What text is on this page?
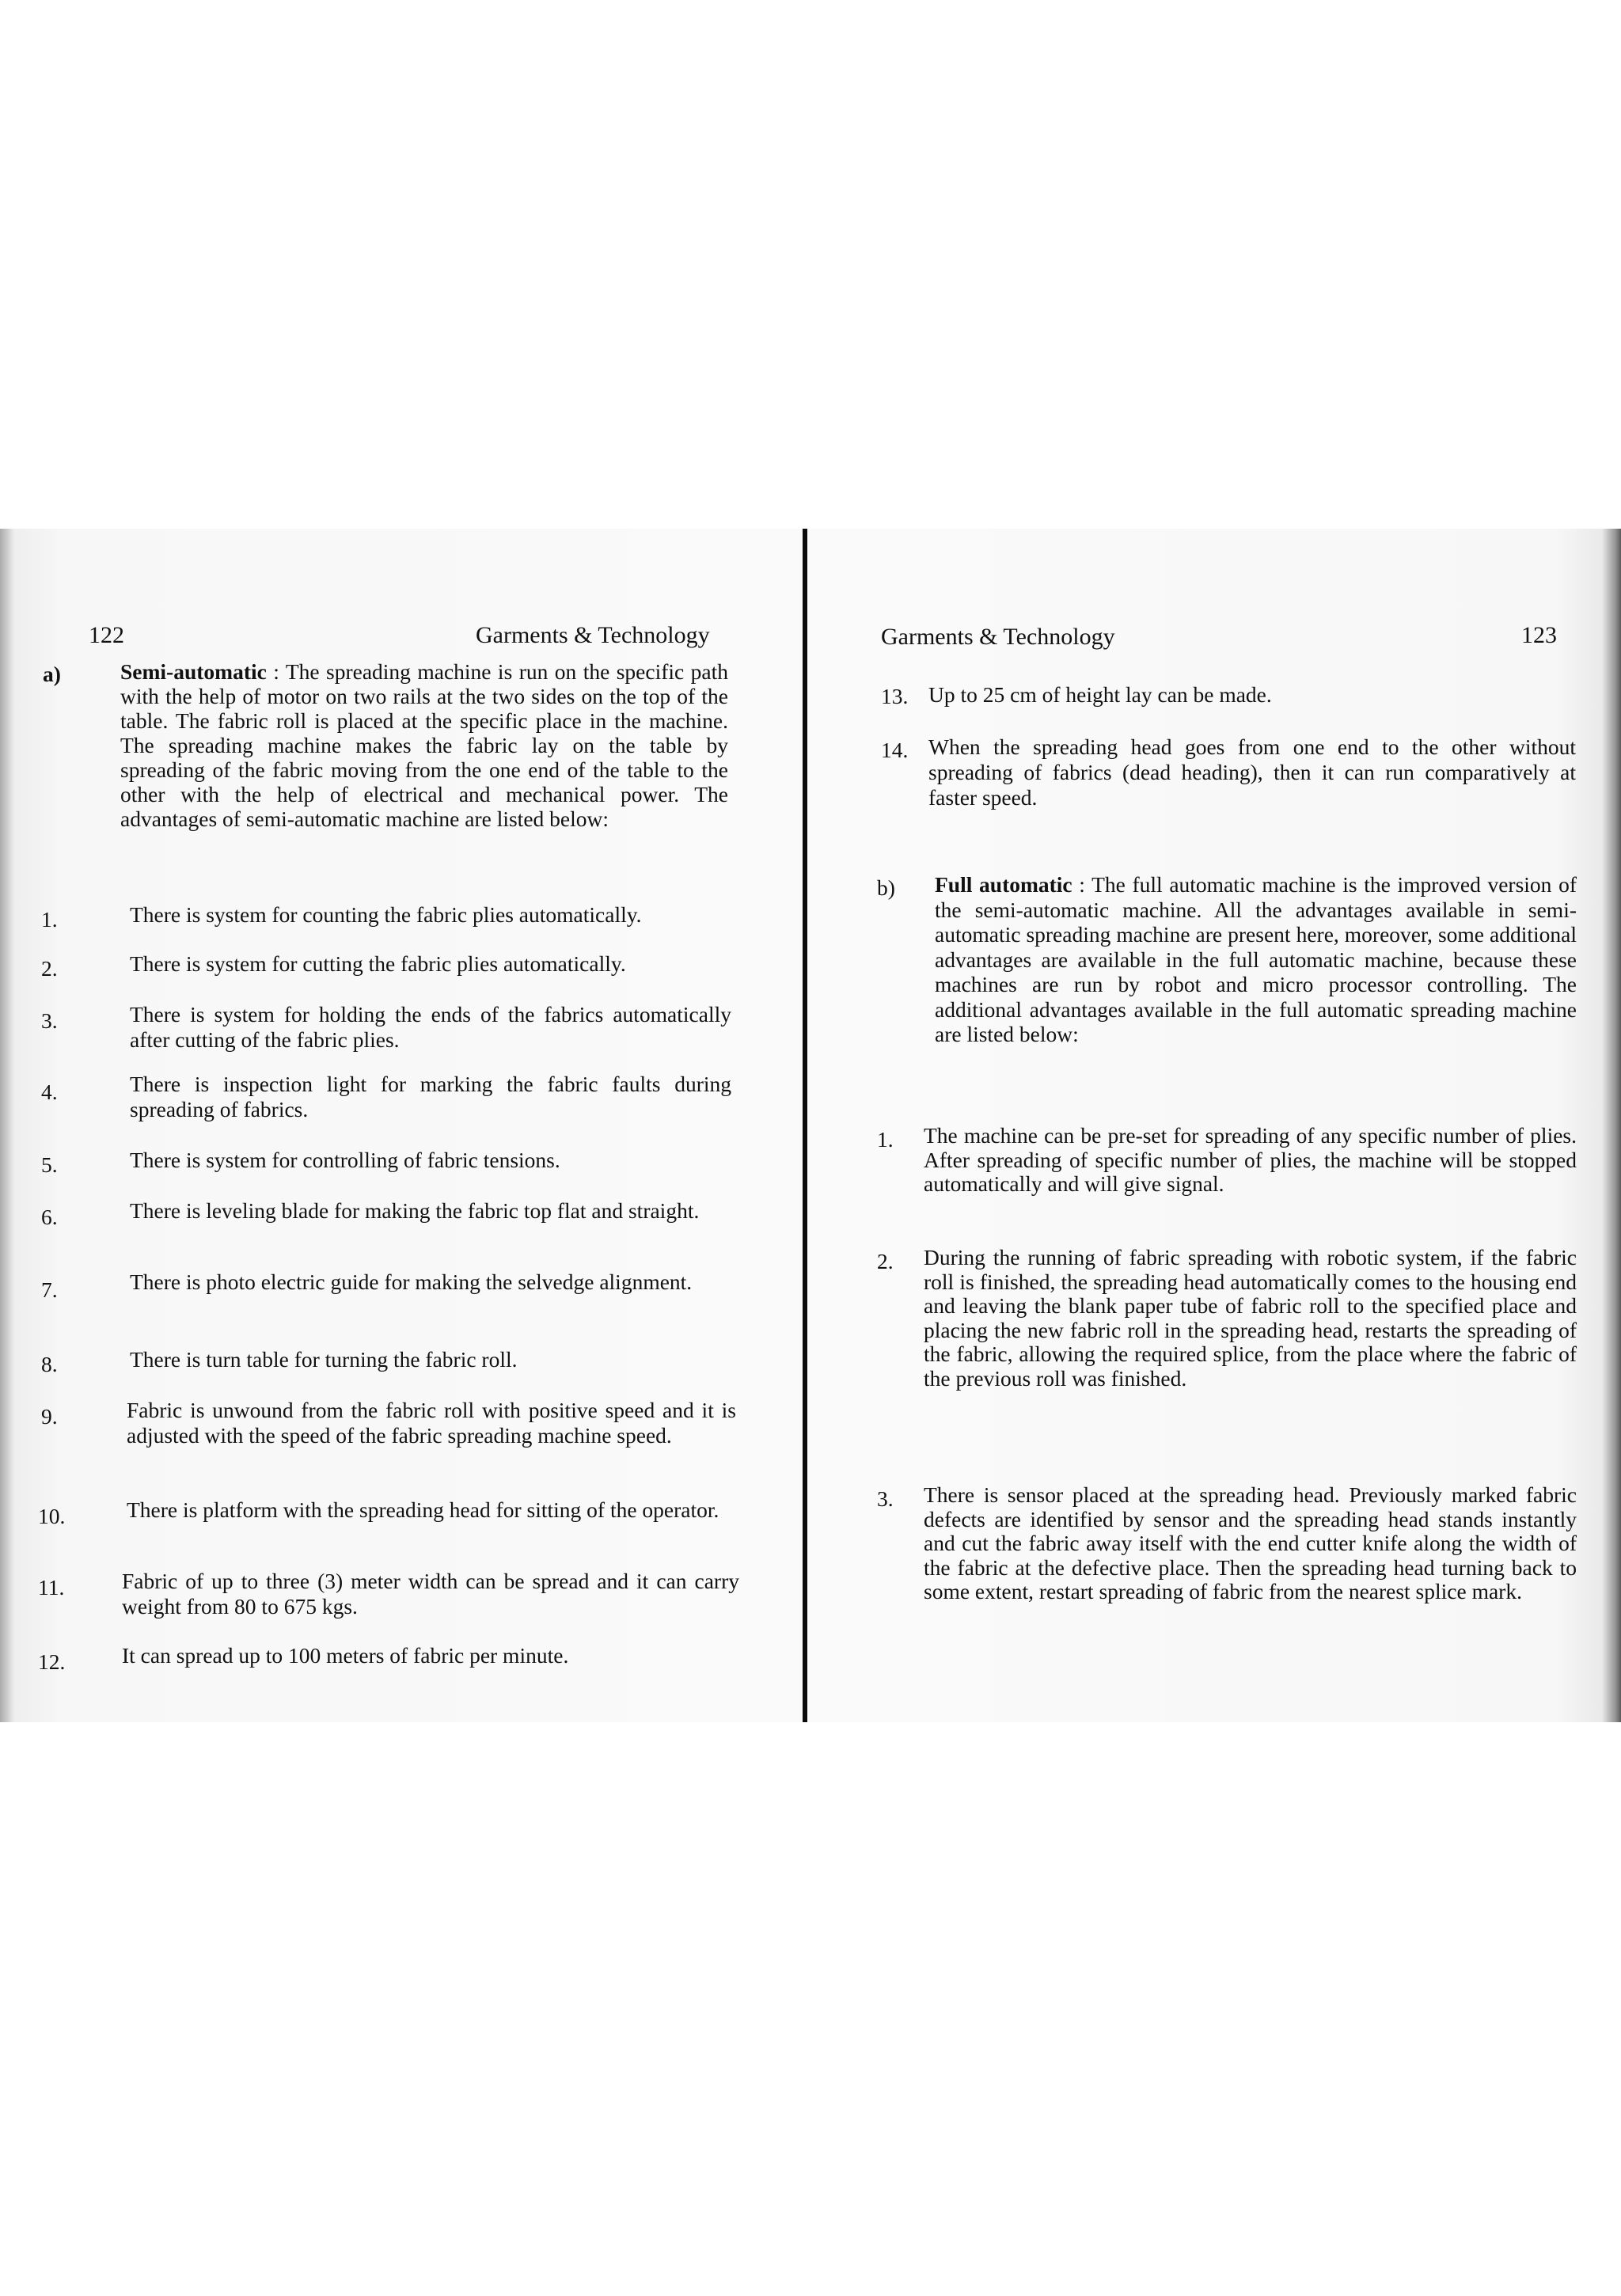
122	Garments & Technology
a)	Semi-automatic : The spreading machine is run on the specific path with the help of motor on two rails at the two sides on the top of the table. The fabric roll is placed at the specific place in the machine. The spreading machine makes the fabric lay on the table by spreading of the fabric moving from the one end of the table to the other with the help of electrical and mechanical power. The advantages of semi-automatic machine are listed below:
1.	There is system for counting the fabric plies automatically.
2.	There is system for cutting the fabric plies automatically.
3.	There is system for holding the ends of the fabrics automatically after cutting of the fabric plies.
4.	There is inspection light for marking the fabric faults during spreading of fabrics.
5.	There is system for controlling of fabric tensions.
6.	There is leveling blade for making the fabric top flat and straight.
7.	There is photo electric guide for making the selvedge alignment.
8.	There is turn table for turning the fabric roll.
9.	Fabric is unwound from the fabric roll with positive speed and it is adjusted with the speed of the fabric spreading machine speed.
10.	There is platform with the spreading head for sitting of the operator.
11.	Fabric of up to three (3) meter width can be spread and it can carry weight from 80 to 675 kgs.
12.	It can spread up to 100 meters of fabric per minute.
Garments & Technology	123
13. Up to 25 cm of height lay can be made.
14. When the spreading head goes from one end to the other without spreading of fabrics (dead heading), then it can run comparatively at faster speed.
b) Full automatic : The full automatic machine is the improved version of the semi-automatic machine. All the advantages available in semi-automatic spreading machine are present here, moreover, some additional advantages are available in the full automatic machine, because these machines are run by robot and micro processor controlling. The additional advantages available in the full automatic spreading machine are listed below:
1. The machine can be pre-set for spreading of any specific number of plies. After spreading of specific number of plies, the machine will be stopped automatically and will give signal.
2. During the running of fabric spreading with robotic system, if the fabric roll is finished, the spreading head automatically comes to the housing end and leaving the blank paper tube of fabric roll to the specified place and placing the new fabric roll in the spreading head, restarts the spreading of the fabric, allowing the required splice, from the place where the fabric of the previous roll was finished.
3. There is sensor placed at the spreading head. Previously marked fabric defects are identified by sensor and the spreading head stands instantly and cut the fabric away itself with the end cutter knife along the width of the fabric at the defective place. Then the spreading head turning back to some extent, restart spreading of fabric from the nearest splice mark.
